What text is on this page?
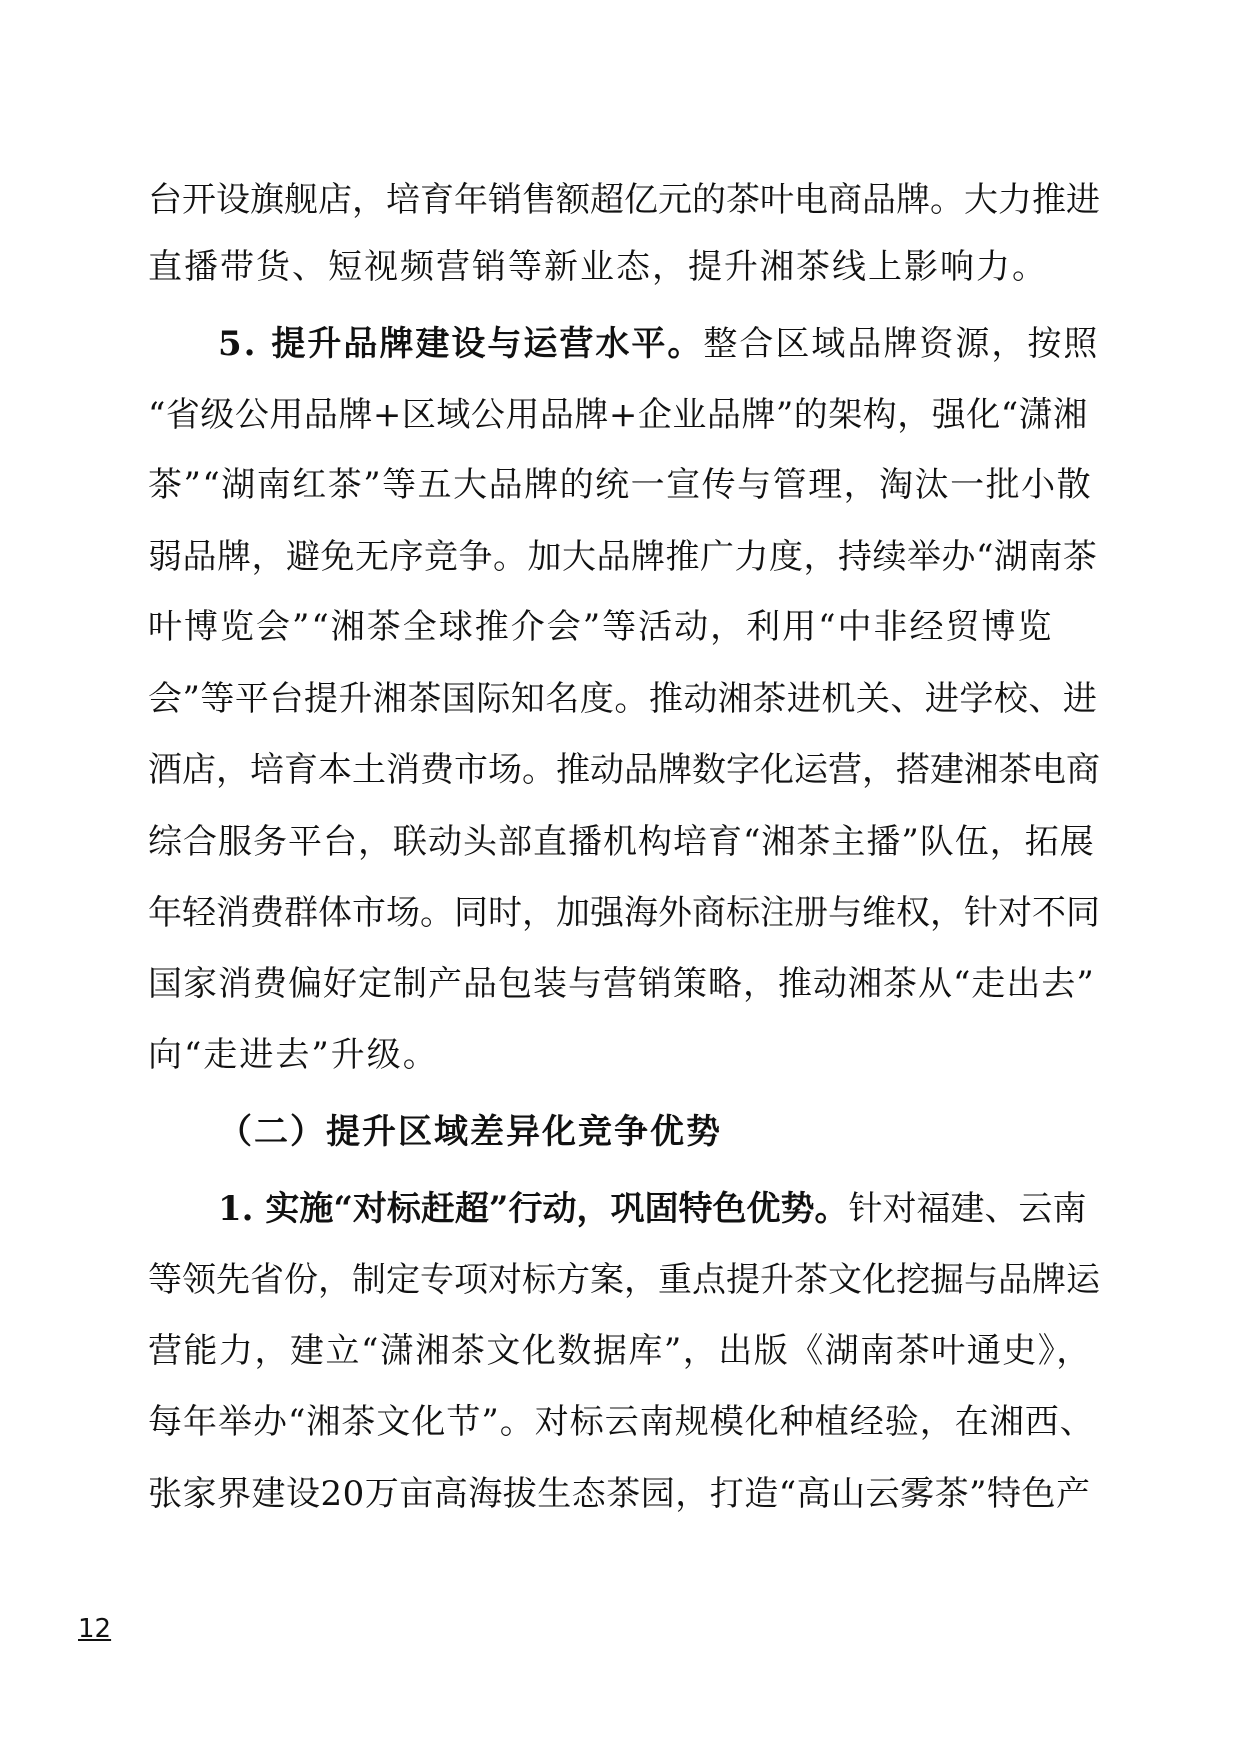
台开设旗舰店，培育年销售额超亿元的茶叶电商品牌。大力推进
直播带货、短视频营销等新业态，提升湘茶线上影响力。
5. 提升品牌建设与运营水平。整合区域品牌资源，按照
“省级公用品牌+区域公用品牌+企业品牌”的架构，强化“潇湘
茶”“湖南红茶”等五大品牌的统一宣传与管理，淘汰一批小散
弱品牌，避免无序竞争。加大品牌推广力度，持续举办“湖南茶
叶博览会”“湘茶全球推介会”等活动，利用“中非经贸博览
会”等平台提升湘茶国际知名度。推动湘茶进机关、进学校、进
酒店，培育本土消费市场。推动品牌数字化运营，搭建湘茶电商
综合服务平台，联动头部直播机构培育“湘茶主播”队伍，拓展
年轻消费群体市场。同时，加强海外商标注册与维权，针对不同
国家消费偏好定制产品包装与营销策略，推动湘茶从“走出去”
向“走进去”升级。
（二）提升区域差异化竞争优势
1. 实施“对标赶超”行动，巩固特色优势。针对福建、云南
等领先省份，制定专项对标方案，重点提升茶文化挖掘与品牌运
营能力，建立“潇湘茶文化数据库”，出版《湖南茶叶通史》，
每年举办“湘茶文化节”。对标云南规模化种植经验，在湘西、
张家界建设20万亩高海拔生态茶园，打造“高山云雾茶”特色产
12
